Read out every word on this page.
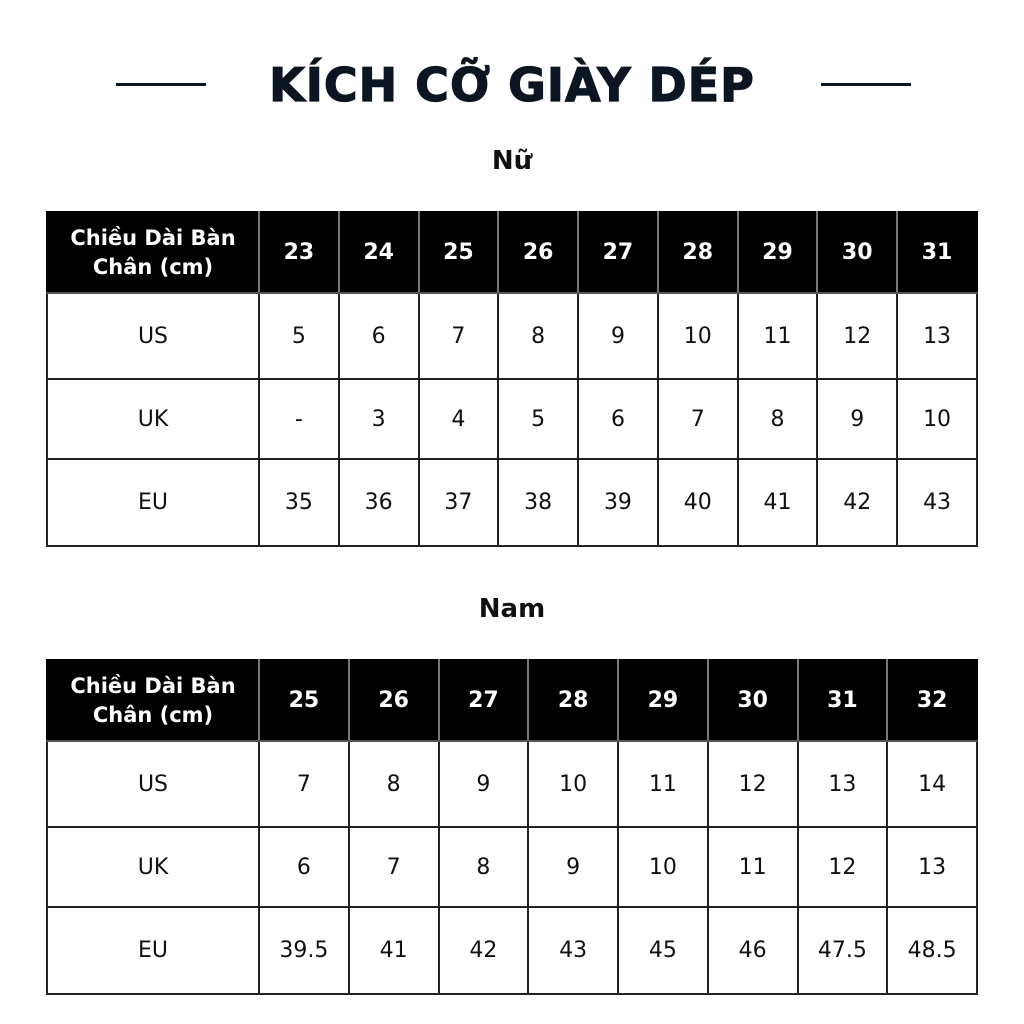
KÍCH CỠ GIÀY DÉP
Nữ
Chiều Dài Bàn
Chân (cm)	23	24	25	26	27	28	29	30	31
US	5	6	7	8	9	10	11	12	13
UK	-	3	4	5	6	7	8	9	10
EU	35	36	37	38	39	40	41	42	43
Nam
Chiều Dài Bàn
Chân (cm)	25	26	27	28	29	30	31	32
US	7	8	9	10	11	12	13	14
UK	6	7	8	9	10	11	12	13
EU	39.5	41	42	43	45	46	47.5	48.5
